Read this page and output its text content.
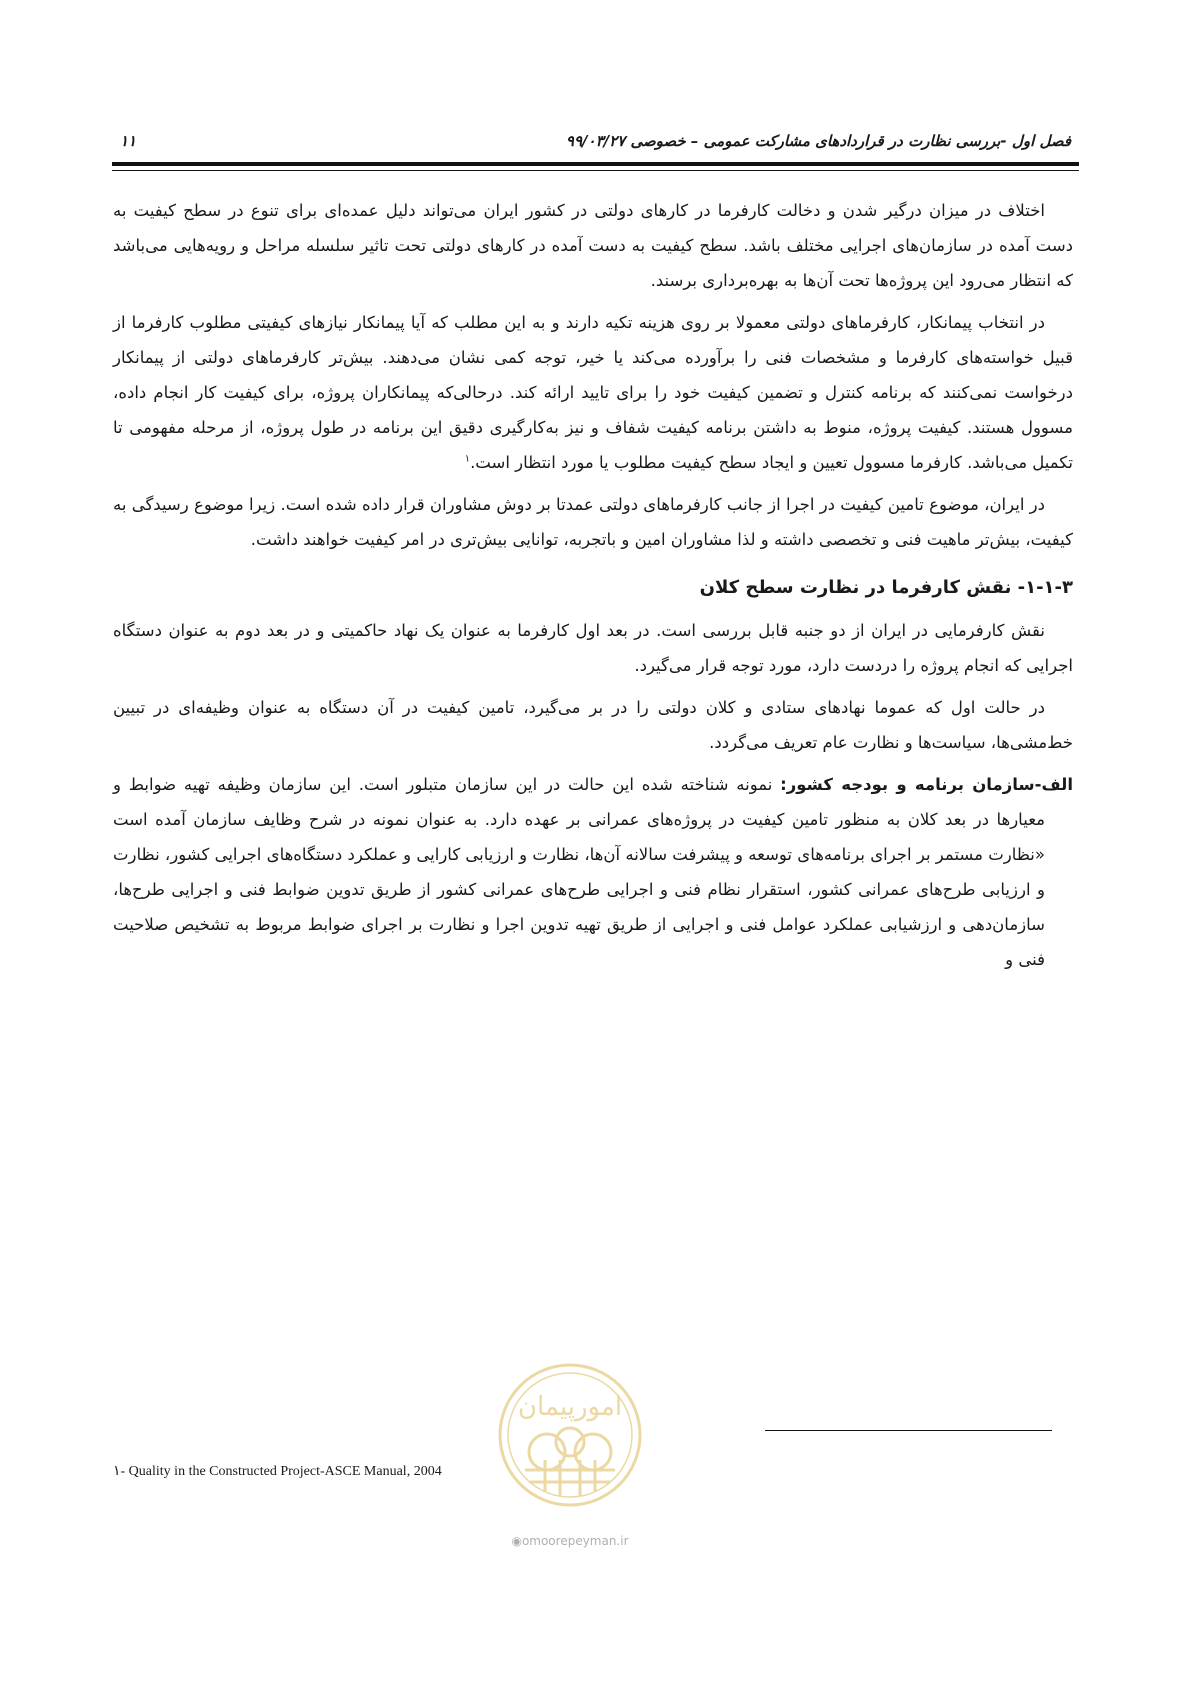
فصل اول -بررسی نظارت در قراردادهای مشارکت عمومی – خصوصی ۹۹/۰۳/۲۷
۱۱

اختلاف در میزان درگیر شدن و دخالت کارفرما در کارهای دولتی در کشور ایران می‌تواند دلیل عمده‌ای برای تنوع در سطح کیفیت به دست آمده در سازمان‌های اجرایی مختلف باشد. سطح کیفیت به دست آمده در کارهای دولتی تحت تاثیر سلسله مراحل و رویه‌هایی می‌باشد که انتظار می‌رود این پروژه‌ها تحت آن‌ها به بهره‌برداری برسند.

در انتخاب پیمانکار، کارفرماهای دولتی معمولا بر روی هزینه تکیه دارند و به این مطلب که آیا پیمانکار نیازهای کیفیتی مطلوب کارفرما از قبیل خواسته‌های کارفرما و مشخصات فنی را برآورده می‌کند یا خیر، توجه کمی نشان می‌دهند. بیش‌تر کارفرماهای دولتی از پیمانکار درخواست نمی‌کنند که برنامه کنترل و تضمین کیفیت خود را برای تایید ارائه کند. درحالی‌که پیمانکاران پروژه، برای کیفیت کار انجام داده، مسوول هستند. کیفیت پروژه، منوط به داشتن برنامه کیفیت شفاف و نیز به‌کارگیری دقیق این برنامه در طول پروژه، از مرحله مفهومی تا تکمیل می‌باشد. کارفرما مسوول تعیین و ایجاد سطح کیفیت مطلوب یا مورد انتظار است.$^۱$

در ایران، موضوع تامین کیفیت در اجرا از جانب کارفرماهای دولتی عمدتا بر دوش مشاوران قرار داده شده است. زیرا موضوع رسیدگی به کیفیت، بیش‌تر ماهیت فنی و تخصصی داشته و لذا مشاوران امین و باتجربه، توانایی بیش‌تری در امر کیفیت خواهند داشت.

۱-۱-۳- نقش کارفرما در نظارت سطح کلان

نقش کارفرمایی در ایران از دو جنبه قابل بررسی است. در بعد اول کارفرما به عنوان یک نهاد حاکمیتی و در بعد دوم به عنوان دستگاه اجرایی که انجام پروژه را دردست دارد، مورد توجه قرار می‌گیرد.

در حالت اول که عموما نهادهای ستادی و کلان دولتی را در بر می‌گیرد، تامین کیفیت در آن دستگاه به عنوان وظیفه‌ای در تبیین خط‌مشی‌ها، سیاست‌ها و نظارت عام تعریف می‌گردد.

الف-سازمان برنامه و بودجه کشور: نمونه شناخته شده این حالت در این سازمان متبلور است. این سازمان وظیفه تهیه ضوابط و معیارها در بعد کلان به منظور تامین کیفیت در پروژه‌های عمرانی بر عهده دارد. به عنوان نمونه در شرح وظایف سازمان آمده است «نظارت مستمر بر اجرای برنامه‌های توسعه و پیشرفت سالانه آن‌ها، نظارت و ارزیابی کارایی و عملکرد دستگاه‌های اجرایی کشور، نظارت و ارزیابی طرح‌های عمرانی کشور، استقرار نظام فنی و اجرایی طرح‌های عمرانی کشور از طریق تدوین ضوابط فنی و اجرایی طرح‌ها، سازمان‌دهی و ارزشیابی عملکرد عوامل فنی و اجرایی از طریق تهیه تدوین اجرا و نظارت بر اجرای ضوابط مربوط به تشخیص صلاحیت فنی و

امورپیمان
◉omoorepeyman.ir
۱- Quality in the Constructed Project-ASCE Manual, 2004
